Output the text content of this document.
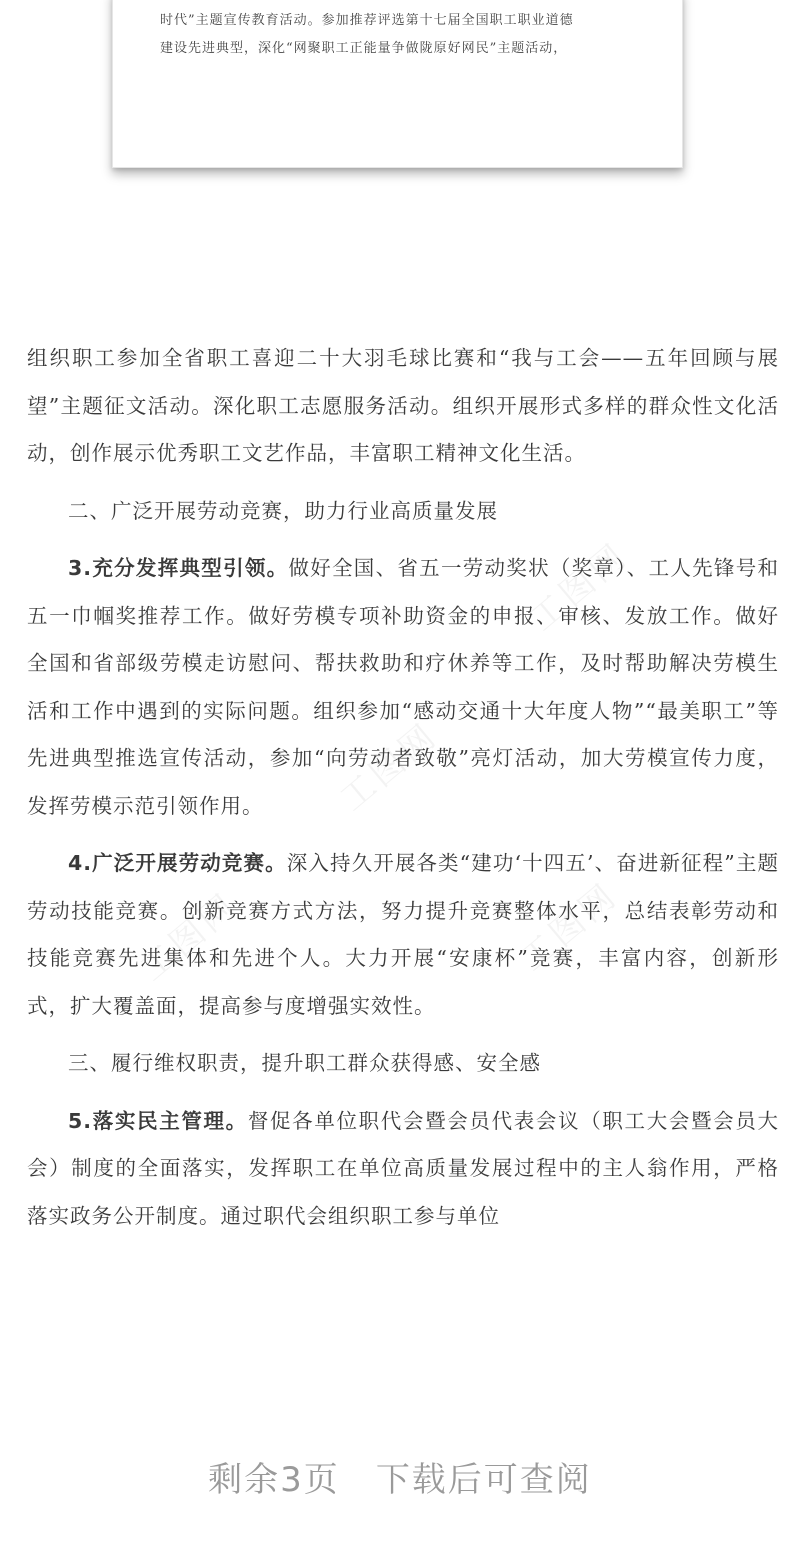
时代”主题宣传教育活动。参加推荐评选第十七届全国职工职业道德
建设先进典型，深化“网聚职工正能量争做陇原好网民”主题活动，
工图网
工图网
工图网	工图网

组织职工参加全省职工喜迎二十大羽毛球比赛和“我与工会——五年回顾与展望”主题征文活动。深化职工志愿服务活动。组织开展形式多样的群众性文化活动，创作展示优秀职工文艺作品，丰富职工精神文化生活。

二、广泛开展劳动竞赛，助力行业高质量发展

3.充分发挥典型引领。做好全国、省五一劳动奖状（奖章）、工人先锋号和五一巾帼奖推荐工作。做好劳模专项补助资金的申报、审核、发放工作。做好全国和省部级劳模走访慰问、帮扶救助和疗休养等工作，及时帮助解决劳模生活和工作中遇到的实际问题。组织参加“感动交通十大年度人物”“最美职工”等先进典型推选宣传活动，参加“向劳动者致敬”亮灯活动，加大劳模宣传力度，发挥劳模示范引领作用。

4.广泛开展劳动竞赛。深入持久开展各类“建功‘十四五’、奋进新征程”主题劳动技能竞赛。创新竞赛方式方法，努力提升竞赛整体水平，总结表彰劳动和技能竞赛先进集体和先进个人。大力开展“安康杯”竞赛，丰富内容，创新形式，扩大覆盖面，提高参与度增强实效性。

三、履行维权职责，提升职工群众获得感、安全感

5.落实民主管理。督促各单位职代会暨会员代表会议（职工大会暨会员大会）制度的全面落实，发挥职工在单位高质量发展过程中的主人翁作用，严格落实政务公开制度。通过职代会组织职工参与单位

剩余3页 下载后可查阅
